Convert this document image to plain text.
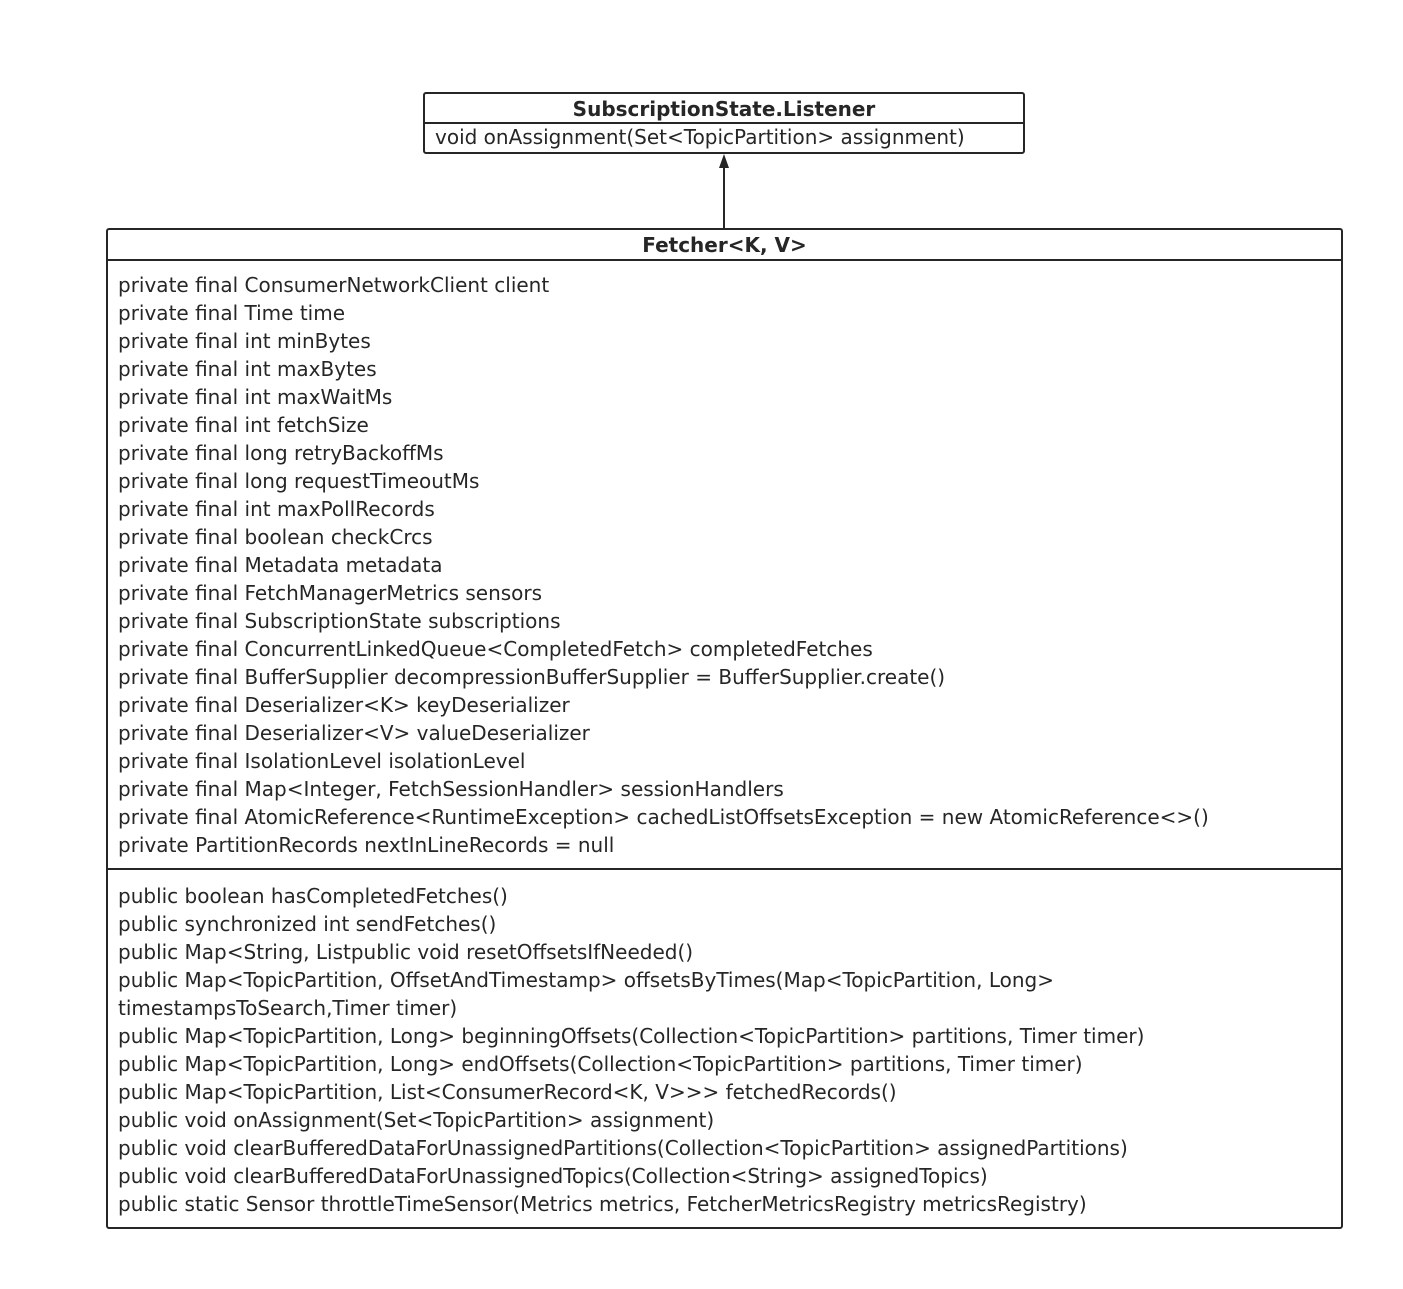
SubscriptionState.Listener
void onAssignment(Set<TopicPartition> assignment)
Fetcher<K, V>
private final ConsumerNetworkClient client
private final Time time
private final int minBytes
private final int maxBytes
private final int maxWaitMs
private final int fetchSize
private final long retryBackoffMs
private final long requestTimeoutMs
private final int maxPollRecords
private final boolean checkCrcs
private final Metadata metadata
private final FetchManagerMetrics sensors
private final SubscriptionState subscriptions
private final ConcurrentLinkedQueue<CompletedFetch> completedFetches
private final BufferSupplier decompressionBufferSupplier = BufferSupplier.create()
private final Deserializer<K> keyDeserializer
private final Deserializer<V> valueDeserializer
private final IsolationLevel isolationLevel
private final Map<Integer, FetchSessionHandler> sessionHandlers
private final AtomicReference<RuntimeException> cachedListOffsetsException = new AtomicReference<>()
private PartitionRecords nextInLineRecords = null
public boolean hasCompletedFetches()
public synchronized int sendFetches()
public Map<String, Listpublic void resetOffsetsIfNeeded()
public Map<TopicPartition, OffsetAndTimestamp> offsetsByTimes(Map<TopicPartition, Long>
timestampsToSearch,Timer timer)
public Map<TopicPartition, Long> beginningOffsets(Collection<TopicPartition> partitions, Timer timer)
public Map<TopicPartition, Long> endOffsets(Collection<TopicPartition> partitions, Timer timer)
public Map<TopicPartition, List<ConsumerRecord<K, V>>> fetchedRecords()
public void onAssignment(Set<TopicPartition> assignment)
public void clearBufferedDataForUnassignedPartitions(Collection<TopicPartition> assignedPartitions)
public void clearBufferedDataForUnassignedTopics(Collection<String> assignedTopics)
public static Sensor throttleTimeSensor(Metrics metrics, FetcherMetricsRegistry metricsRegistry)
